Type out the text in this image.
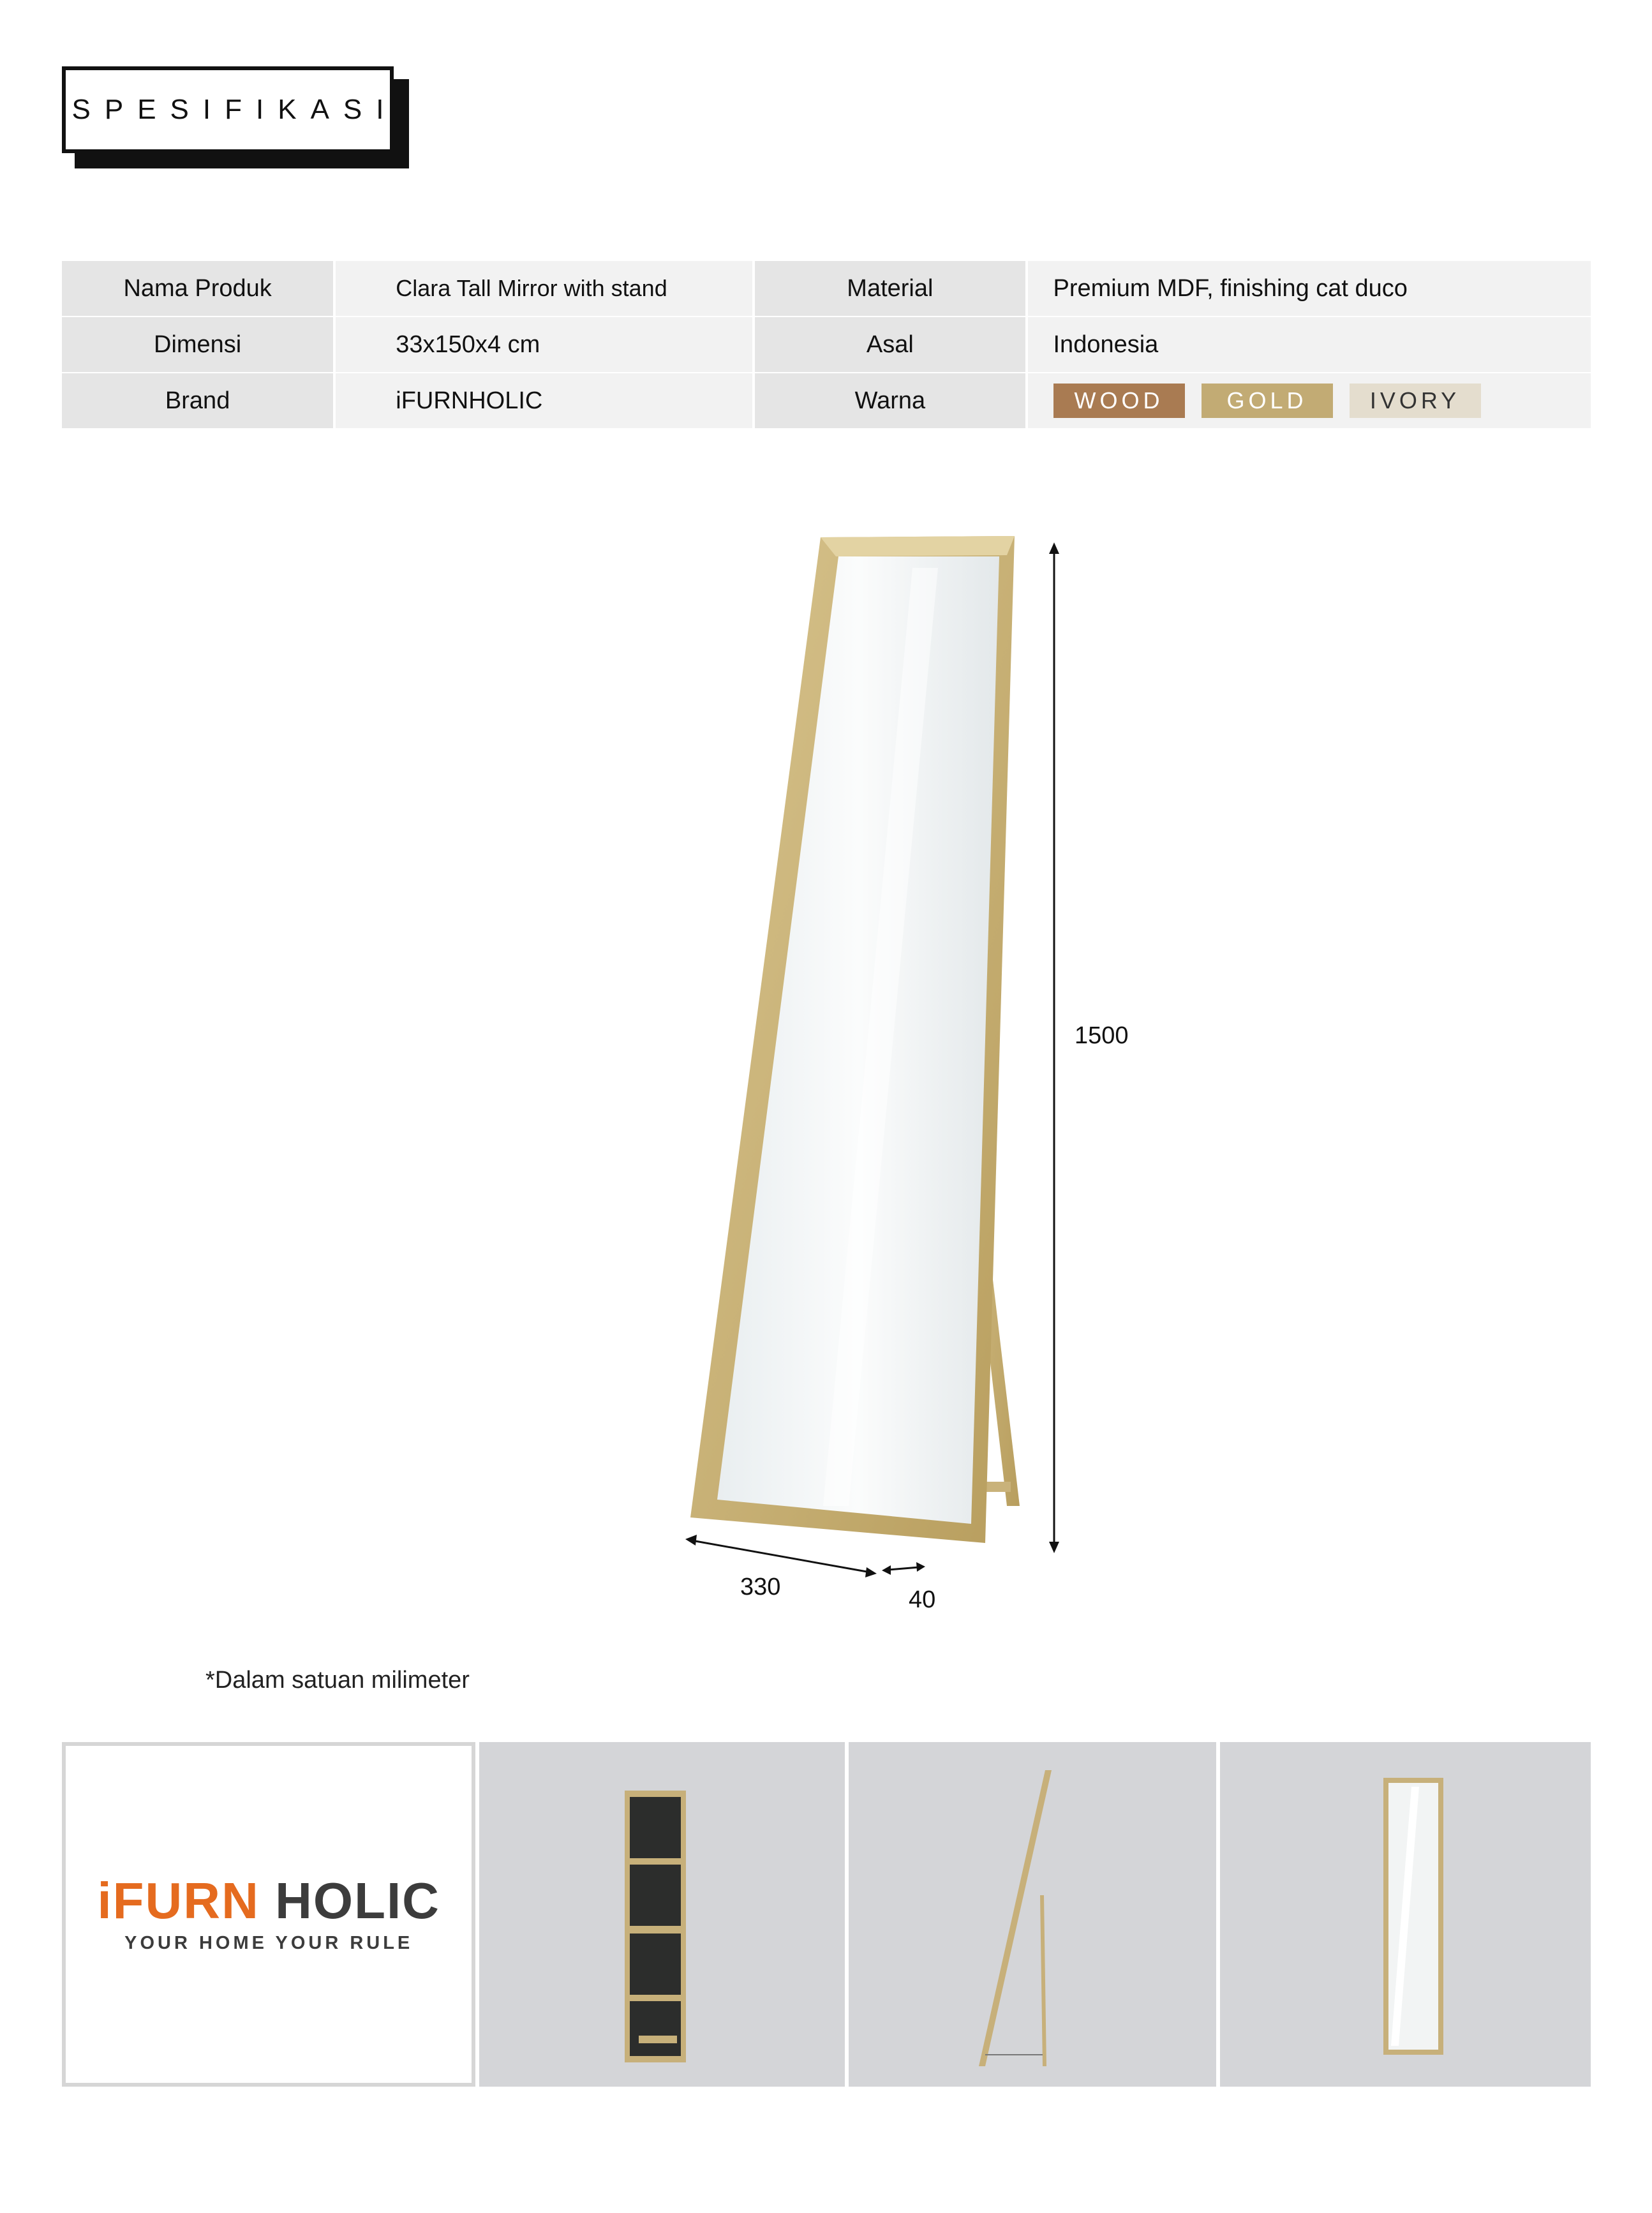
SPESIFIKASI
Nama Produk	Clara Tall Mirror with stand	Material	Premium MDF, finishing cat duco
Dimensi	33x150x4 cm	Asal	Indonesia
Brand	iFURNHOLIC	Warna	WOOD	GOLD	IVORY
1500
330	40
*Dalam satuan milimeter
iFURN HOLIC
YOUR HOME YOUR RULE
